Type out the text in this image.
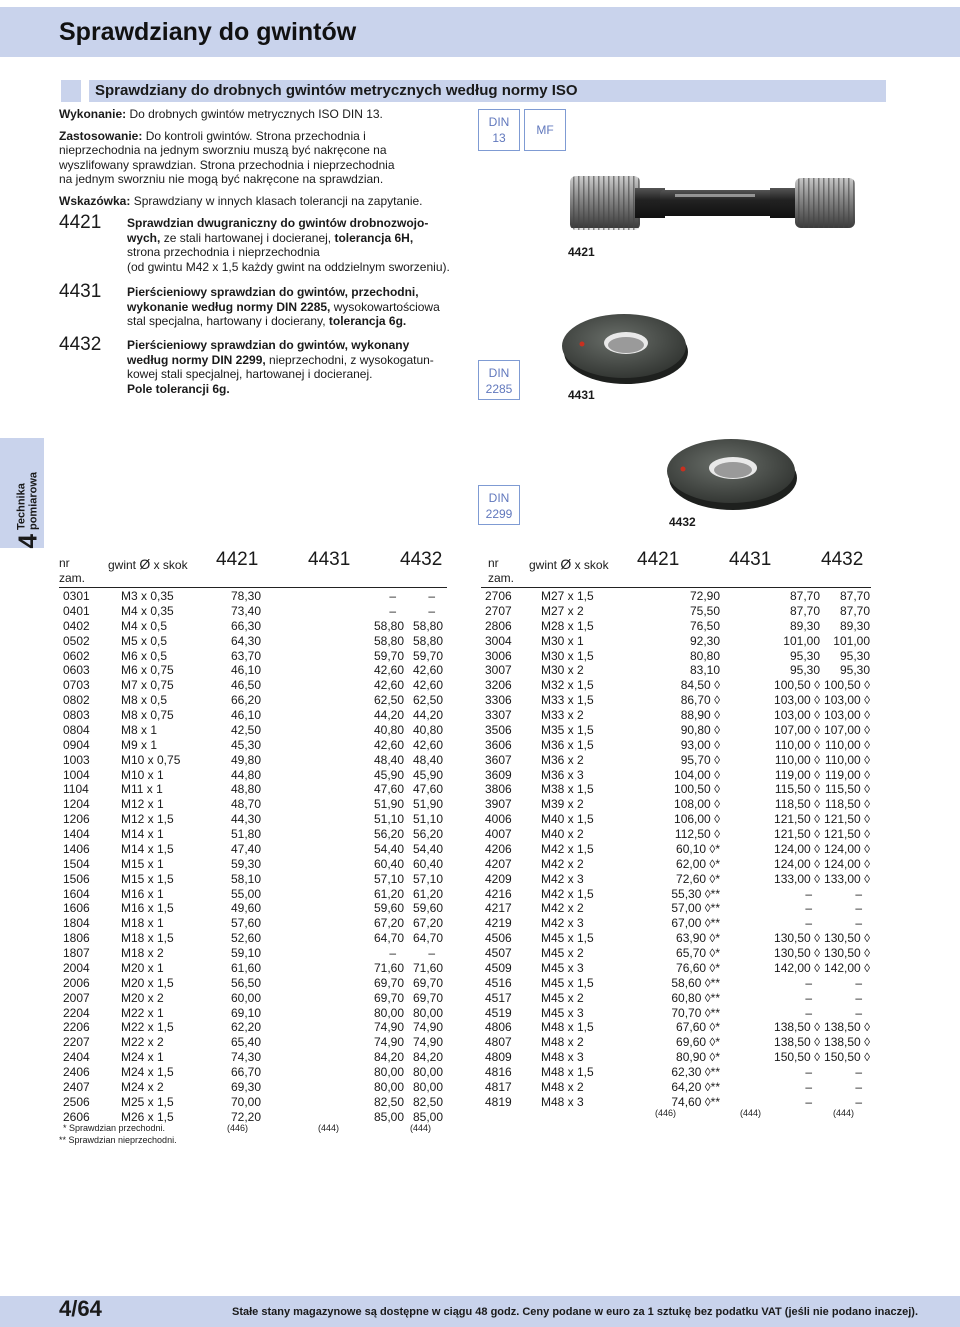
Sprawdziany do gwintów
Sprawdziany do drobnych gwintów metrycznych według normy ISO
Wykonanie: Do drobnych gwintów metrycznych ISO DIN 13.
Zastosowanie: Do kontroli gwintów. Strona przechodnia i
nieprzechodnia na jednym sworzniu muszą być nakręcone na
wyszlifowany sprawdzian. Strona przechodnia i nieprzechodnia
na jednym sworzniu nie mogą być nakręcone na sprawdzian.
Wskazówka: Sprawdziany w innych klasach tolerancji na zapytanie.
DIN
13
MF
DIN
2285
DIN
2299
4421 Sprawdzian dwugraniczny do gwintów drobnozwojo-
wych, ze stali hartowanej i docieranej, tolerancja 6H,
strona przechodnia i nieprzechodnia
(od gwintu M42 x 1,5 każdy gwint na oddzielnym sworzeniu).
4431 Pierścieniowy sprawdzian do gwintów, przechodni,
wykonanie według normy DIN 2285, wysokowartościowa
stal specjalna, hartowany i docierany, tolerancja 6g.
4432 Pierścieniowy sprawdzian do gwintów, wykonany
według normy DIN 2299, nieprzechodni, z wysokogatun-
kowej stali specjalnej, hartowanej i docieranej.
Pole tolerancji 6g.
4421
4431
4432
4
Technika pomiarowa
nr
zam.
gwint Ø x skok 4421	4431	4432
0301	M3 x 0,35	78,30	–	–
0401	M4 x 0,35	73,40	–	–
0402	M4 x 0,5	66,30	58,80	58,80
0502	M5 x 0,5	64,30	58,80	58,80
0602	M6 x 0,5	63,70	59,70	59,70
0603	M6 x 0,75	46,10	42,60	42,60
0703	M7 x 0,75	46,50	42,60	42,60
0802	M8 x 0,5	66,20	62,50	62,50
0803	M8 x 0,75	46,10	44,20	44,20
0804	M8 x 1	42,50	40,80	40,80
0904	M9 x 1	45,30	42,60	42,60
1003	M10 x 0,75	49,80	48,40	48,40
1004	M10 x 1	44,80	45,90	45,90
1104	M11 x 1	48,80	47,60	47,60
1204	M12 x 1	48,70	51,90	51,90
1206	M12 x 1,5	44,30	51,10	51,10
1404	M14 x 1	51,80	56,20	56,20
1406	M14 x 1,5	47,40	54,40	54,40
1504	M15 x 1	59,30	60,40	60,40
1506	M15 x 1,5	58,10	57,10	57,10
1604	M16 x 1	55,00	61,20	61,20
1606	M16 x 1,5	49,60	59,60	59,60
1804	M18 x 1	57,60	67,20	67,20
1806	M18 x 1,5	52,60	64,70	64,70
1807	M18 x 2	59,10	–	–
2004	M20 x 1	61,60	71,60	71,60
2006	M20 x 1,5	56,50	69,70	69,70
2007	M20 x 2	60,00	69,70	69,70
2204	M22 x 1	69,10	80,00	80,00
2206	M22 x 1,5	62,20	74,90	74,90
2207	M22 x 2	65,40	74,90	74,90
2404	M24 x 1	74,30	84,20	84,20
2406	M24 x 1,5	66,70	80,00	80,00
2407	M24 x 2	69,30	80,00	80,00
2506	M25 x 1,5	70,00	82,50	82,50
2606	M26 x 1,5	72,20	85,00	85,00
(446)	(444)	(444)
* Sprawdzian przechodni.
** Sprawdzian nieprzechodni.
nr
zam.
gwint Ø x skok 4421	4431	4432
2706	M27 x 1,5	72,90	87,70	87,70
2707	M27 x 2	75,50	87,70	87,70
2806	M28 x 1,5	76,50	89,30	89,30
3004	M30 x 1	92,30	101,00	101,00
3006	M30 x 1,5	80,80	95,30	95,30
3007	M30 x 2	83,10	95,30	95,30
3206	M32 x 1,5	84,50 ◊	100,50 ◊	100,50 ◊
3306	M33 x 1,5	86,70 ◊	103,00 ◊	103,00 ◊
3307	M33 x 2	88,90 ◊	103,00 ◊	103,00 ◊
3506	M35 x 1,5	90,80 ◊	107,00 ◊	107,00 ◊
3606	M36 x 1,5	93,00 ◊	110,00 ◊	110,00 ◊
3607	M36 x 2	95,70 ◊	110,00 ◊	110,00 ◊
3609	M36 x 3	104,00 ◊	119,00 ◊	119,00 ◊
3806	M38 x 1,5	100,50 ◊	115,50 ◊	115,50 ◊
3907	M39 x 2	108,00 ◊	118,50 ◊	118,50 ◊
4006	M40 x 1,5	106,00 ◊	121,50 ◊	121,50 ◊
4007	M40 x 2	112,50 ◊	121,50 ◊	121,50 ◊
4206	M42 x 1,5	60,10 ◊*	124,00 ◊	124,00 ◊
4207	M42 x 2	62,00 ◊*	124,00 ◊	124,00 ◊
4209	M42 x 3	72,60 ◊*	133,00 ◊	133,00 ◊
4216	M42 x 1,5	55,30 ◊**	–	–
4217	M42 x 2	57,00 ◊**	–	–
4219	M42 x 3	67,00 ◊**	–	–
4506	M45 x 1,5	63,90 ◊*	130,50 ◊	130,50 ◊
4507	M45 x 2	65,70 ◊*	130,50 ◊	130,50 ◊
4509	M45 x 3	76,60 ◊*	142,00 ◊	142,00 ◊
4516	M45 x 1,5	58,60 ◊**	–	–
4517	M45 x 2	60,80 ◊**	–	–
4519	M45 x 3	70,70 ◊**	–	–
4806	M48 x 1,5	67,60 ◊*	138,50 ◊	138,50 ◊
4807	M48 x 2	69,60 ◊*	138,50 ◊	138,50 ◊
4809	M48 x 3	80,90 ◊*	150,50 ◊	150,50 ◊
4816	M48 x 1,5	62,30 ◊**	–	–
4817	M48 x 2	64,20 ◊**	–	–
4819	M48 x 3	74,60 ◊**	–	–
(446)	(444)	(444)
4/64	Stałe stany magazynowe są dostępne w ciągu 48 godz. Ceny podane w euro za 1 sztukę bez podatku VAT (jeśli nie podano inaczej).
